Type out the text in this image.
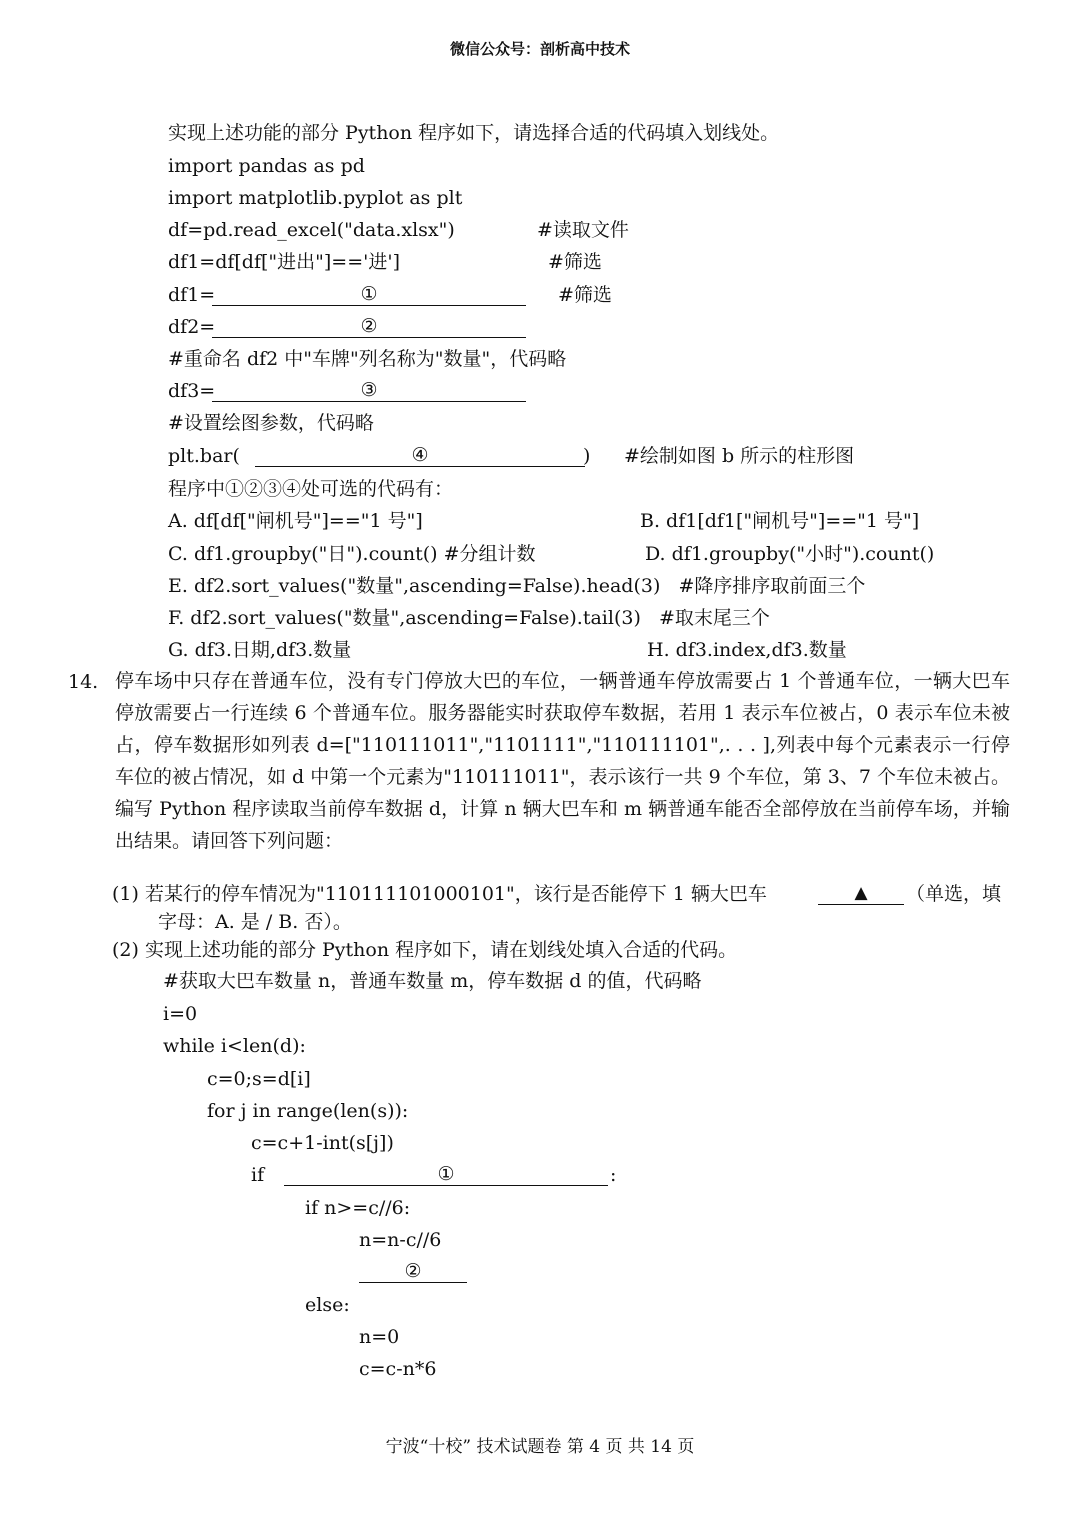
微信公众号：剖析高中技术
实现上述功能的部分 Python 程序如下，请选择合适的代码填入划线处。
import pandas as pd
import matplotlib.pyplot as plt
df=pd.read_excel("data.xlsx")	#读取文件
df1=df[df["进出"]=='进']	#筛选
df1=	①	#筛选
df2=	②
#重命名 df2 中"车牌"列名称为"数量"，代码略
df3=	③
#设置绘图参数，代码略
plt.bar(	④	) #绘制如图 b 所示的柱形图
程序中①②③④处可选的代码有：
A. df[df["闸机号"]=="1 号"]	B. df1[df1["闸机号"]=="1 号"]
C. df1.groupby("日").count() #分组计数	D. df1.groupby("小时").count()
E. df2.sort_values("数量",ascending=False).head(3)   #降序排序取前面三个
F. df2.sort_values("数量",ascending=False).tail(3)   #取末尾三个
G. df3.日期,df3.数量	H. df3.index,df3.数量
14. 停车场中只存在普通车位，没有专门停放大巴的车位，一辆普通车停放需要占 1 个普通车位，一辆大巴车停放需要占一行连续 6 个普通车位。服务器能实时获取停车数据，若用 1 表示车位被占，0 表示车位未被占，停车数据形如列表 d=["110111011","1101111","110111101",. . . ],列表中每个元素表示一行停车位的被占情况，如 d 中第一个元素为"110111011"，表示该行一共 9 个车位，第 3、7 个车位未被占。编写 Python 程序读取当前停车数据 d，计算 n 辆大巴车和 m 辆普通车能否全部停放在当前停车场，并输出结果。请回答下列问题：
(1) 若某行的停车情况为"110111101000101"，该行是否能停下 1 辆大巴车	▲	（单选，填
字母：A. 是 / B. 否）。
(2) 实现上述功能的部分 Python 程序如下，请在划线处填入合适的代码。
#获取大巴车数量 n，普通车数量 m，停车数据 d 的值，代码略
i=0
while i<len(d):
c=0;s=d[i]
for j in range(len(s)):
c=c+1-int(s[j])
if	①	:
if n>=c//6:
n=n-c//6
②
else:
n=0
c=c-n*6
宁波“十校” 技术试题卷 第 4 页 共 14 页
